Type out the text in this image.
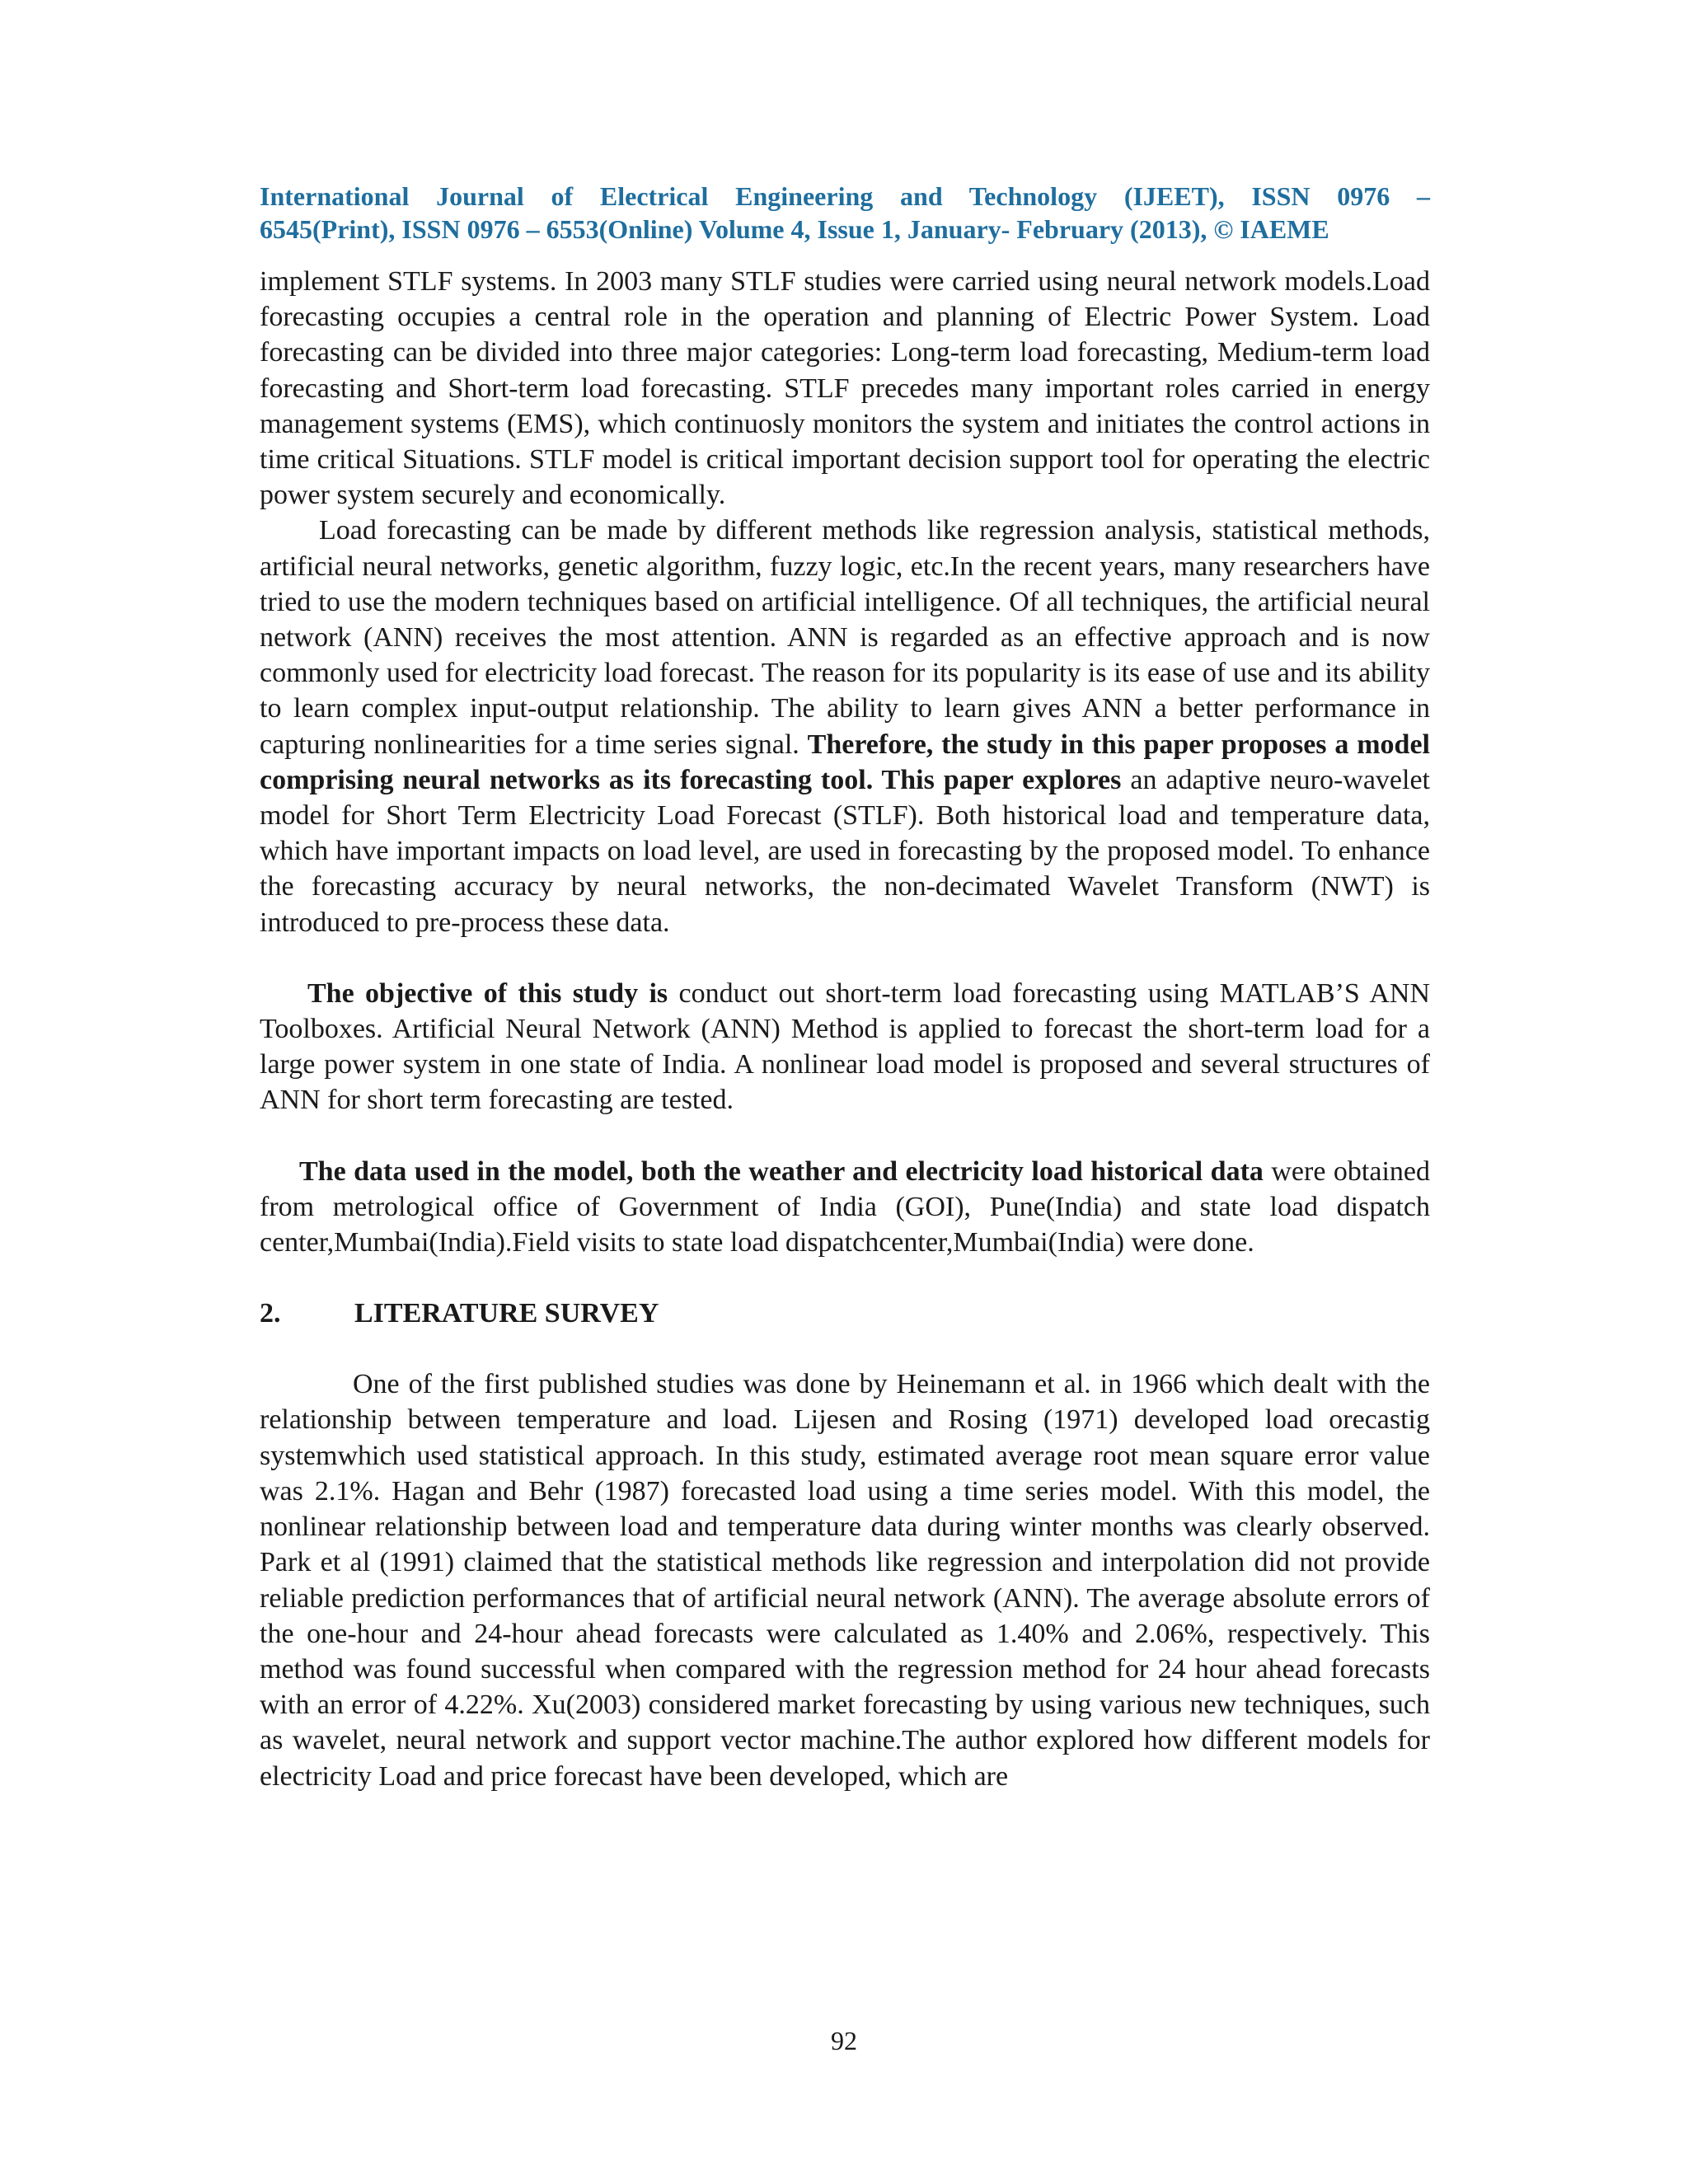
International Journal of Electrical Engineering and Technology (IJEET), ISSN 0976 –
6545(Print), ISSN 0976 – 6553(Online) Volume 4, Issue 1, January- February (2013), © IAEME

implement STLF systems. In 2003 many STLF studies were carried using neural network models.Load forecasting occupies a central role in the operation and planning of Electric Power System. Load forecasting can be divided into three major categories: Long-term load forecasting, Medium-term load forecasting and Short-term load forecasting. STLF precedes many important roles carried in energy management systems (EMS), which continuosly monitors the system and initiates the control actions in time critical Situations. STLF model is critical important decision support tool for operating the electric power system securely and economically.

Load forecasting can be made by different methods like regression analysis, statistical methods, artificial neural networks, genetic algorithm, fuzzy logic, etc.In the recent years, many researchers have tried to use the modern techniques based on artificial intelligence. Of all techniques, the artificial neural network (ANN) receives the most attention. ANN is regarded as an effective approach and is now commonly used for electricity load forecast. The reason for its popularity is its ease of use and its ability to learn complex input-output relationship. The ability to learn gives ANN a better performance in capturing nonlinearities for a time series signal. Therefore, the study in this paper proposes a model comprising neural networks as its forecasting tool. This paper explores an adaptive neuro-wavelet model for Short Term Electricity Load Forecast (STLF). Both historical load and temperature data, which have important impacts on load level, are used in forecasting by the proposed model. To enhance the forecasting accuracy by neural networks, the non-decimated Wavelet Transform (NWT) is introduced to pre-process these data.

The objective of this study is conduct out short-term load forecasting using MATLAB’S ANN Toolboxes. Artificial Neural Network (ANN) Method is applied to forecast the short-term load for a large power system in one state of India. A nonlinear load model is proposed and several structures of ANN for short term forecasting are tested.

The data used in the model, both the weather and electricity load historical data were obtained from metrological office of Government of India (GOI), Pune(India) and state load dispatch center,Mumbai(India).Field visits to state load dispatchcenter,Mumbai(India) were done.

2.	LITERATURE SURVEY

One of the first published studies was done by Heinemann et al. in 1966 which dealt with the relationship between temperature and load. Lijesen and Rosing (1971) developed load orecastig systemwhich used statistical approach. In this study, estimated average root mean square error value was 2.1%. Hagan and Behr (1987) forecasted load using a time series model. With this model, the nonlinear relationship between load and temperature data during winter months was clearly observed. Park et al (1991) claimed that the statistical methods like regression and interpolation did not provide reliable prediction performances that of artificial neural network (ANN). The average absolute errors of the one-hour and 24-hour ahead forecasts were calculated as 1.40% and 2.06%, respectively. This method was found successful when compared with the regression method for 24 hour ahead forecasts with an error of 4.22%. Xu(2003) considered market forecasting by using various new techniques, such as wavelet, neural network and support vector machine.The author explored how different models for electricity Load and price forecast have been developed, which are

92
